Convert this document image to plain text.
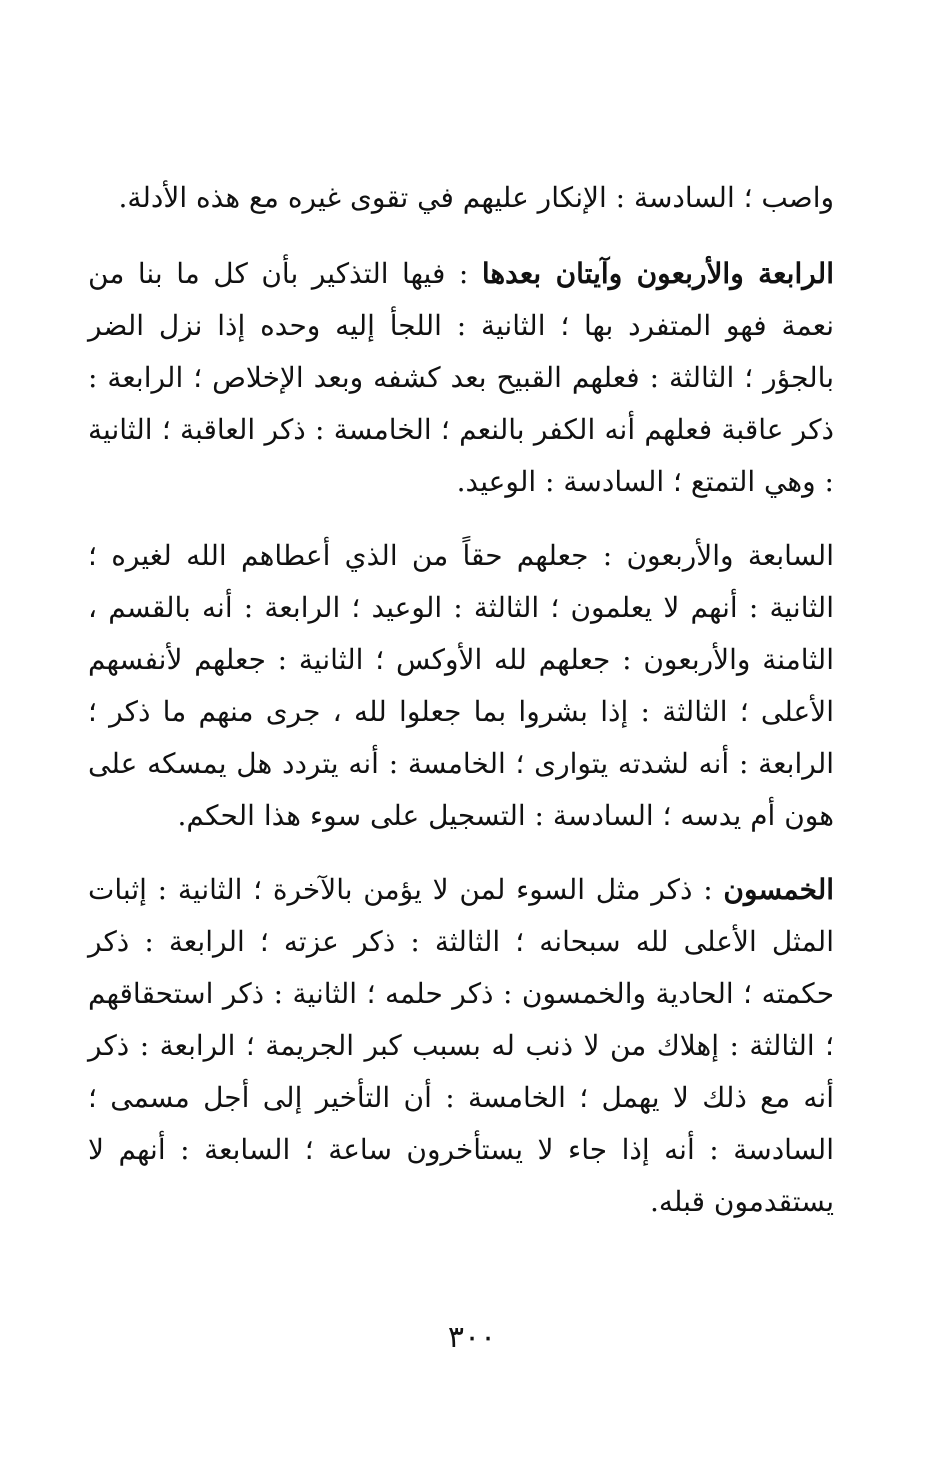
واصب ؛ السادسة : الإنكار عليهم في تقوى غيره مع هذه الأدلة.

الرابعة والأربعون وآيتان بعدها : فيها التذكير بأن كل ما بنا من نعمة فهو المتفرد بها ؛ الثانية : اللجأ إليه وحده إذا نزل الضر بالجؤر ؛ الثالثة : فعلهم القبيح بعد كشفه وبعد الإخلاص ؛ الرابعة : ذكر عاقبة فعلهم أنه الكفر بالنعم ؛ الخامسة : ذكر العاقبة ؛ الثانية : وهي التمتع ؛ السادسة : الوعيد.

السابعة والأربعون : جعلهم حقاً من الذي أعطاهم الله لغيره ؛ الثانية : أنهم لا يعلمون ؛ الثالثة : الوعيد ؛ الرابعة : أنه بالقسم ، الثامنة والأربعون : جعلهم لله الأوكس ؛ الثانية : جعلهم لأنفسهم الأعلى ؛ الثالثة : إذا بشروا بما جعلوا لله ، جرى منهم ما ذكر ؛ الرابعة : أنه لشدته يتوارى ؛ الخامسة : أنه يتردد هل يمسكه على هون أم يدسه ؛ السادسة : التسجيل على سوء هذا الحكم.

الخمسون : ذكر مثل السوء لمن لا يؤمن بالآخرة ؛ الثانية : إثبات المثل الأعلى لله سبحانه ؛ الثالثة : ذكر عزته ؛ الرابعة : ذكر حكمته ؛ الحادية والخمسون : ذكر حلمه ؛ الثانية : ذكر استحقاقهم ؛ الثالثة : إهلاك من لا ذنب له بسبب كبر الجريمة ؛ الرابعة : ذكر أنه مع ذلك لا يهمل ؛ الخامسة : أن التأخير إلى أجل مسمى ؛ السادسة : أنه إذا جاء لا يستأخرون ساعة ؛ السابعة : أنهم لا يستقدمون قبله.

٣٠٠
